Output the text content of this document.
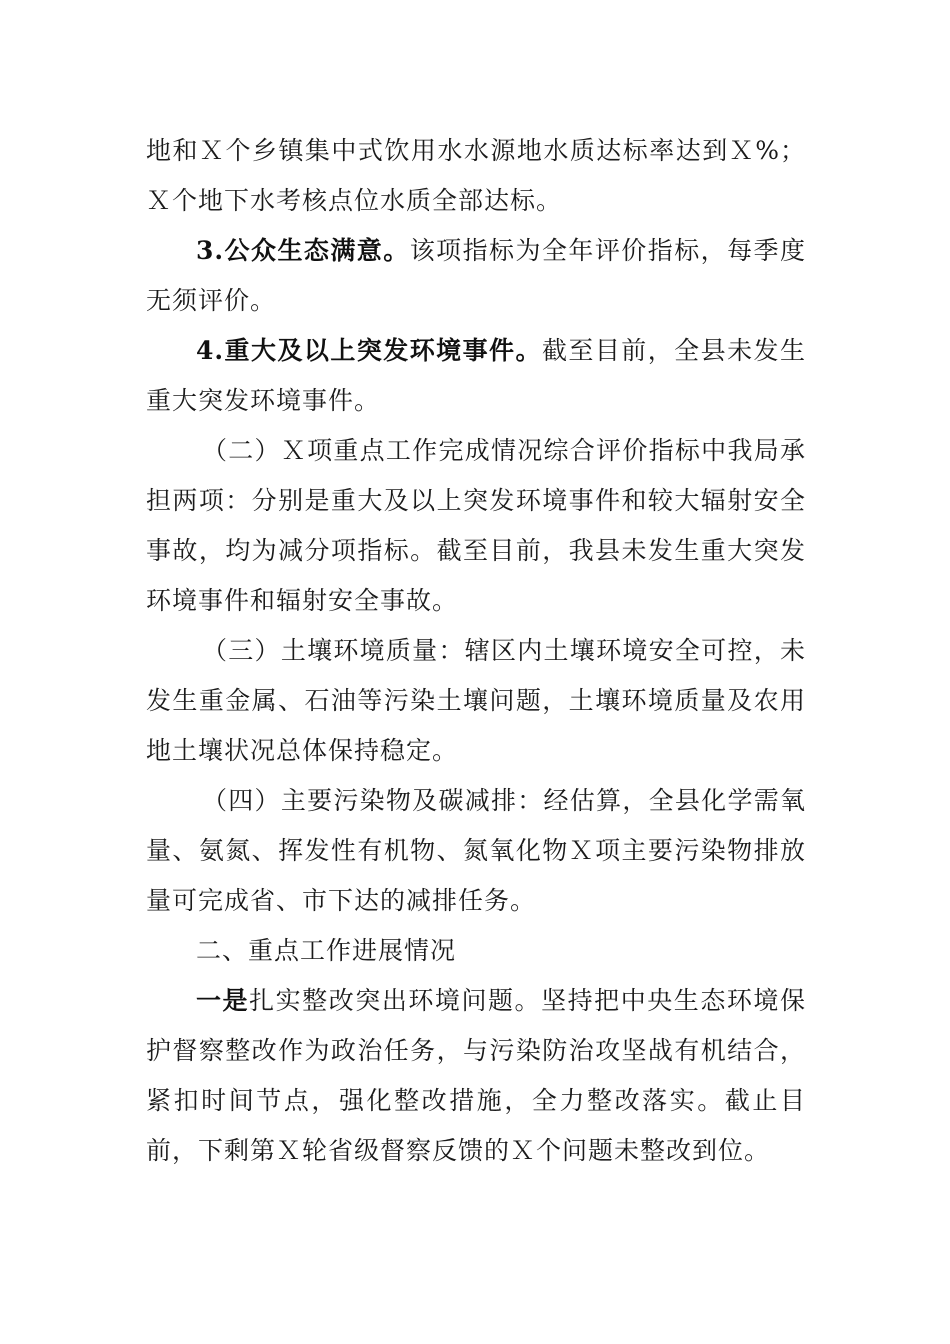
地和Ｘ个乡镇集中式饮用水水源地水质达标率达到Ｘ%；Ｘ个地下水考核点位水质全部达标。

3.公众生态满意。该项指标为全年评价指标，每季度无须评价。

4.重大及以上突发环境事件。截至目前，全县未发生重大突发环境事件。

（二）Ｘ项重点工作完成情况综合评价指标中我局承担两项：分别是重大及以上突发环境事件和较大辐射安全事故，均为减分项指标。截至目前，我县未发生重大突发环境事件和辐射安全事故。

（三）土壤环境质量：辖区内土壤环境安全可控，未发生重金属、石油等污染土壤问题，土壤环境质量及农用地土壤状况总体保持稳定。

（四）主要污染物及碳减排：经估算，全县化学需氧量、氨氮、挥发性有机物、氮氧化物Ｘ项主要污染物排放量可完成省、市下达的减排任务。

二、重点工作进展情况

一是扎实整改突出环境问题。坚持把中央生态环境保护督察整改作为政治任务，与污染防治攻坚战有机结合，紧扣时间节点，强化整改措施，全力整改落实。截止目前，下剩第Ｘ轮省级督察反馈的Ｘ个问题未整改到位。
